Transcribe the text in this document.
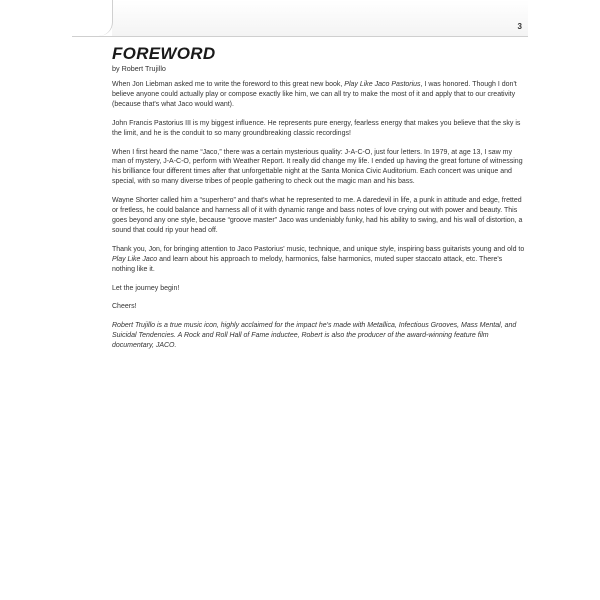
3
FOREWORD

by Robert Trujillo

When Jon Liebman asked me to write the foreword to this great new book, Play Like Jaco Pastorius, I was honored. Though I don't believe anyone could actually play or compose exactly like him, we can all try to make the most of it and apply that to our creativity (because that's what Jaco would want).

John Francis Pastorius III is my biggest influence. He represents pure energy, fearless energy that makes you believe that the sky is the limit, and he is the conduit to so many groundbreaking classic recordings!

When I first heard the name “Jaco,” there was a certain mysterious quality: J-A-C-O, just four letters. In 1979, at age 13, I saw my man of mystery, J-A-C-O, perform with Weather Report. It really did change my life. I ended up having the great fortune of witnessing his brilliance four different times after that unforgettable night at the Santa Monica Civic Auditorium. Each concert was unique and special, with so many diverse tribes of people gathering to check out the magic man and his bass.

Wayne Shorter called him a “superhero” and that's what he represented to me. A daredevil in life, a punk in attitude and edge, fretted or fretless, he could balance and harness all of it with dynamic range and bass notes of love crying out with power and beauty. This goes beyond any one style, because “groove master” Jaco was undeniably funky, had his ability to swing, and his wall of distortion, a sound that could rip your head off.

Thank you, Jon, for bringing attention to Jaco Pastorius' music, technique, and unique style, inspiring bass guitarists young and old to Play Like Jaco and learn about his approach to melody, harmonics, false harmonics, muted super staccato attack, etc. There's nothing like it.

Let the journey begin!

Cheers!

Robert Trujillo is a true music icon, highly acclaimed for the impact he's made with Metallica, Infectious Grooves, Mass Mental, and Suicidal Tendencies. A Rock and Roll Hall of Fame inductee, Robert is also the producer of the award-winning feature film documentary, JACO.
